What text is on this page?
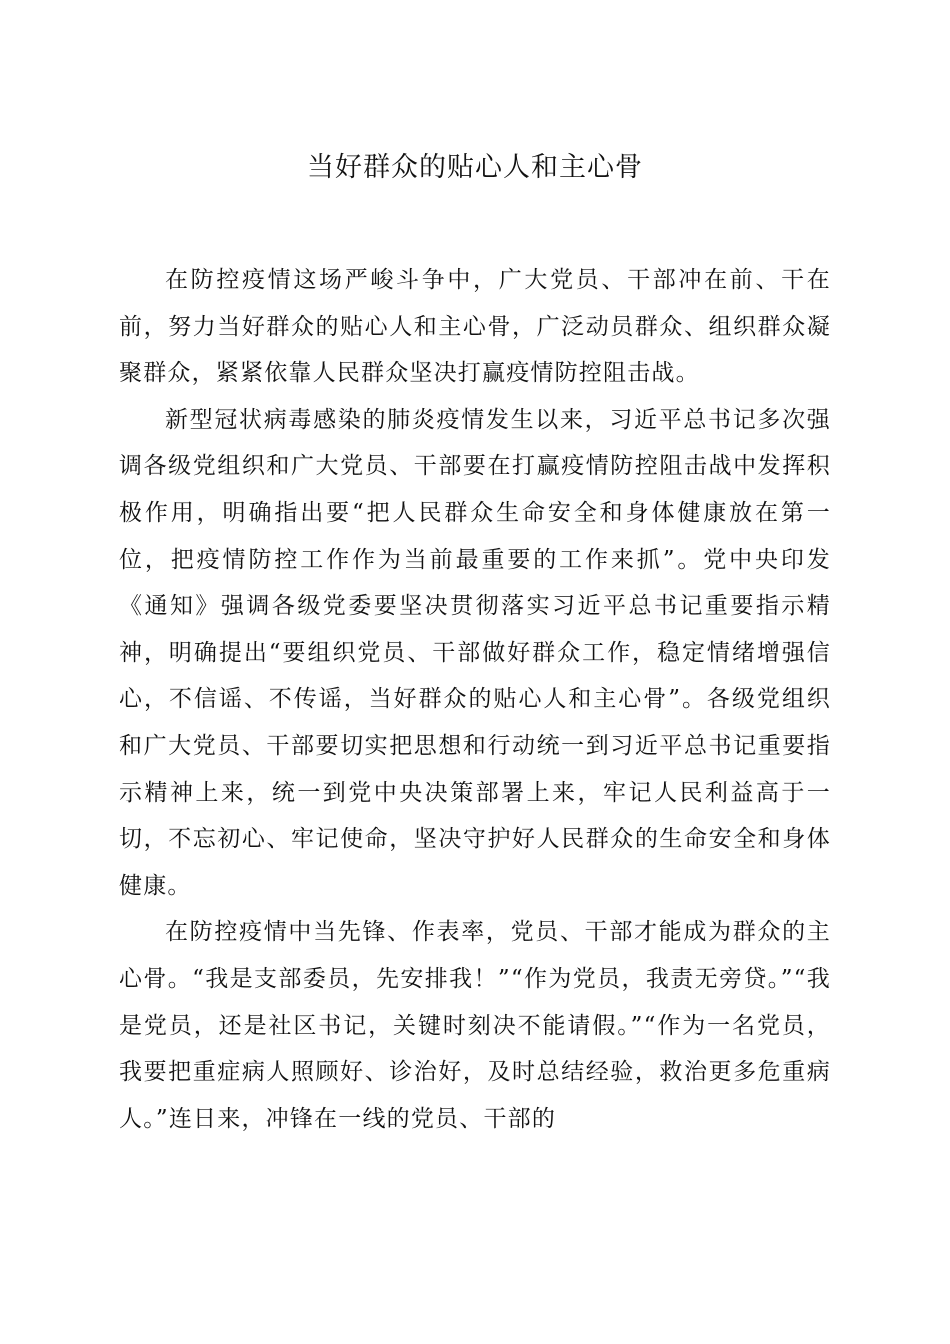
当好群众的贴心人和主心骨

在防控疫情这场严峻斗争中，广大党员、干部冲在前、干在前，努力当好群众的贴心人和主心骨，广泛动员群众、组织群众凝聚群众，紧紧依靠人民群众坚决打赢疫情防控阻击战。

新型冠状病毒感染的肺炎疫情发生以来，习近平总书记多次强调各级党组织和广大党员、干部要在打赢疫情防控阻击战中发挥积极作用，明确指出要“把人民群众生命安全和身体健康放在第一位，把疫情防控工作作为当前最重要的工作来抓”。党中央印发《通知》强调各级党委要坚决贯彻落实习近平总书记重要指示精神，明确提出“要组织党员、干部做好群众工作，稳定情绪增强信心，不信谣、不传谣，当好群众的贴心人和主心骨”。各级党组织和广大党员、干部要切实把思想和行动统一到习近平总书记重要指示精神上来，统一到党中央决策部署上来，牢记人民利益高于一切，不忘初心、牢记使命，坚决守护好人民群众的生命安全和身体健康。

在防控疫情中当先锋、作表率，党员、干部才能成为群众的主心骨。“我是支部委员，先安排我！”“作为党员，我责无旁贷。”“我是党员，还是社区书记，关键时刻决不能请假。”“作为一名党员，我要把重症病人照顾好、诊治好，及时总结经验，救治更多危重病人。”连日来，冲锋在一线的党员、干部的
